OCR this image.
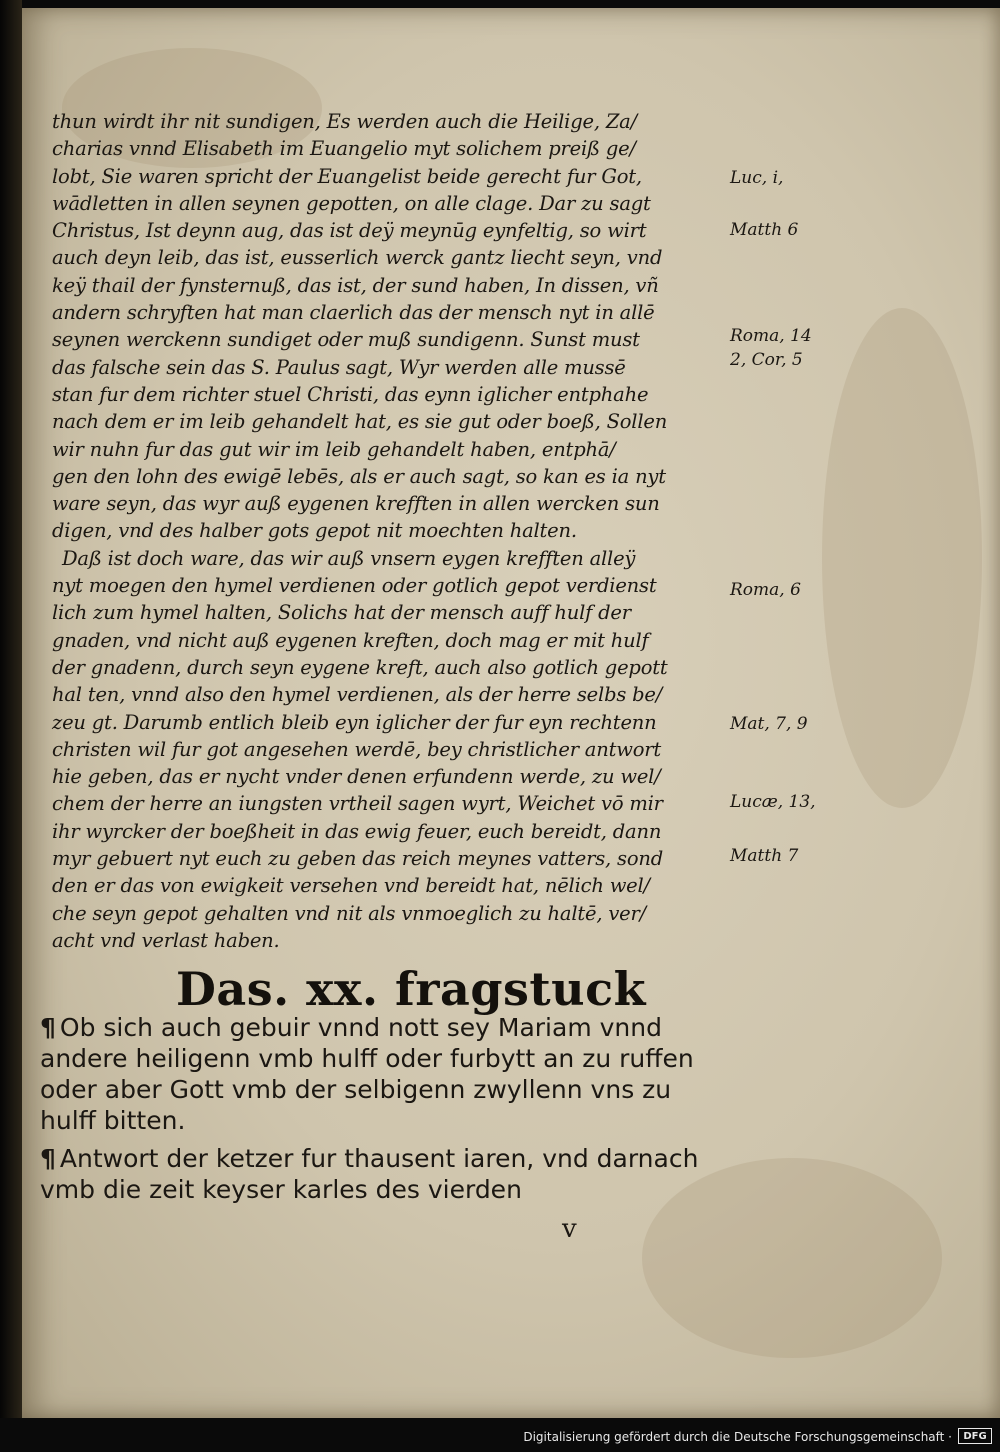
thun wirdt ihr nit sundigen, Es werden auch die Heilige, Za/
charias vnnd Elisabeth im Euangelio myt solichem preiß ge/
lobt, Sie waren spricht der Euangelist beide gerecht fur Got,
wādletten in allen seynen gepotten, on alle clage. Dar zu sagt
Christus, Ist deynn aug, das ist deÿ meynūg eynfeltig, so wirt
auch deyn leib, das ist, eusserlich werck gantz liecht seyn, vnd
keÿ thail der fynsternuß, das ist, der sund haben, In dissen, vñ
andern schryften hat man claerlich das der mensch nyt in allē
seynen werckenn sundiget oder muß sundigenn. Sunst must
das falsche sein das S. Paulus sagt, Wyr werden alle mussē
stan fur dem richter stuel Christi, das eynn iglicher entphahe
nach dem er im leib gehandelt hat, es sie gut oder boeß, Sollen
wir nuhn fur das gut wir im leib gehandelt haben, entphā/
gen den lohn des ewigē lebēs, als er auch sagt, so kan es ia nyt
ware seyn, das wyr auß eygenen krefften in allen wercken sun
digen, vnd des halber gots gepot nit moechten halten.
Daß ist doch ware, das wir auß vnsern eygen krefften alleÿ
nyt moegen den hymel verdienen oder gotlich gepot verdienst
lich zum hymel halten, Solichs hat der mensch auff hulf der
gnaden, vnd nicht auß eygenen kreften, doch mag er mit hulf
der gnadenn, durch seyn eygene kreft, auch also gotlich gepott
hal ten, vnnd also den hymel verdienen, als der herre selbs be/
zeu gt. Darumb entlich bleib eyn iglicher der fur eyn rechtenn
christen wil fur got angesehen werdē, bey christlicher antwort
hie geben, das er nycht vnder denen erfundenn werde, zu wel/
chem der herre an iungsten vrtheil sagen wyrt, Weichet vō mir
ihr wyrcker der boeßheit in das ewig feuer, euch bereidt, dann
myr gebuert nyt euch zu geben das reich meynes vatters, sond
den er das von ewigkeit versehen vnd bereidt hat, nēlich wel/
che seyn gepot gehalten vnd nit als vnmoeglich zu haltē, ver/
acht vnd verlast haben.
Luc, i,
Matth 6
Roma, 14
2, Cor, 5
Roma, 6
Mat, 7, 9
Lucæ, 13,
Matth 7
Das. xx. fragstuck
¶ Ob sich auch gebuir vnnd nott sey Mariam vnnd
andere heiligenn vmb hulff oder furbytt an zu ruffen
oder aber Gott vmb der selbigenn zwyllenn vns zu
hulff bitten.
¶ Antwort der ketzer fur thausent iaren, vnd darnach
vmb die zeit keyser karles des vierden
v
Digitalisierung gefördert durch die Deutsche Forschungsgemeinschaft ·	DFG
